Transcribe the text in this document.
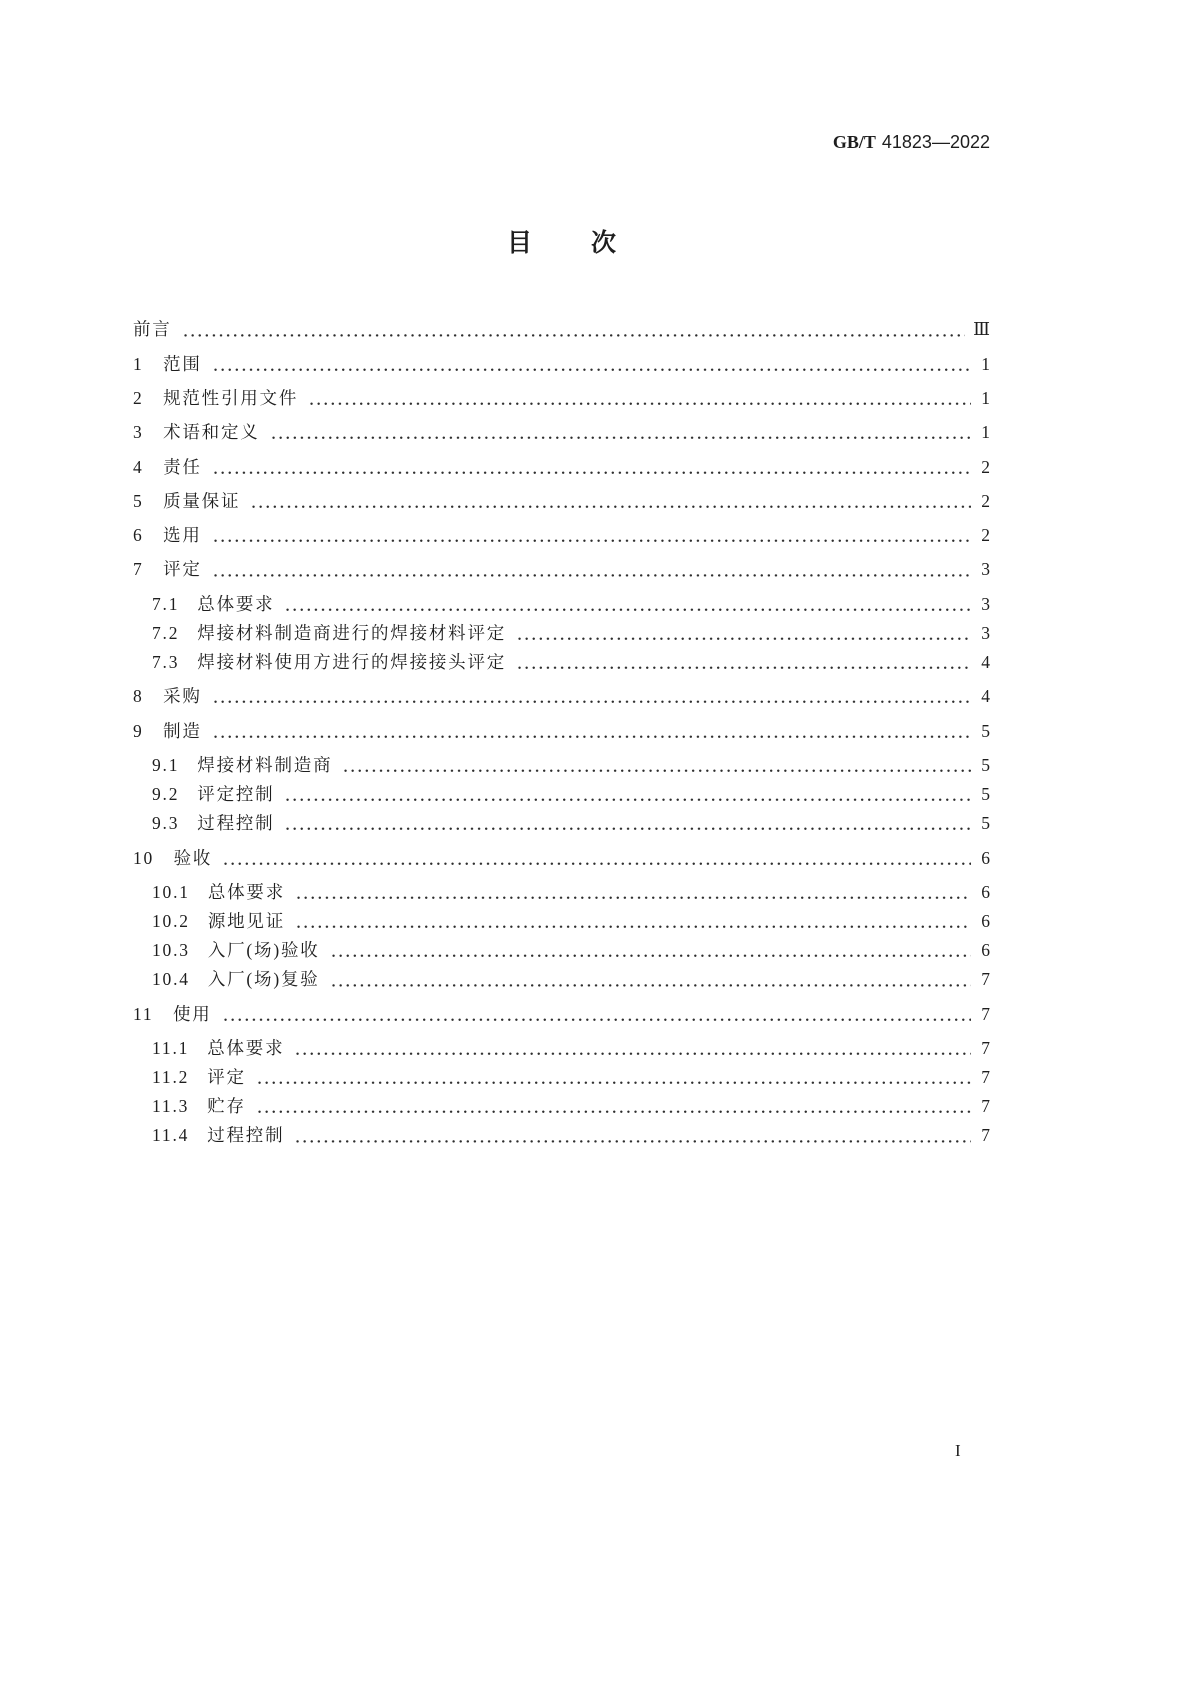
GB/T 41823—2022
目　　次
前言	Ⅲ
1 范围	1
2 规范性引用文件	1
3 术语和定义	1
4 责任	2
5 质量保证	2
6 选用	2
7 评定	3
7.1 总体要求	3
7.2 焊接材料制造商进行的焊接材料评定	3
7.3 焊接材料使用方进行的焊接接头评定	4
8 采购	4
9 制造	5
9.1 焊接材料制造商	5
9.2 评定控制	5
9.3 过程控制	5
10 验收	6
10.1 总体要求	6
10.2 源地见证	6
10.3 入厂(场)验收	6
10.4 入厂(场)复验	7
11 使用	7
11.1 总体要求	7
11.2 评定	7
11.3 贮存	7
11.4 过程控制	7
I
